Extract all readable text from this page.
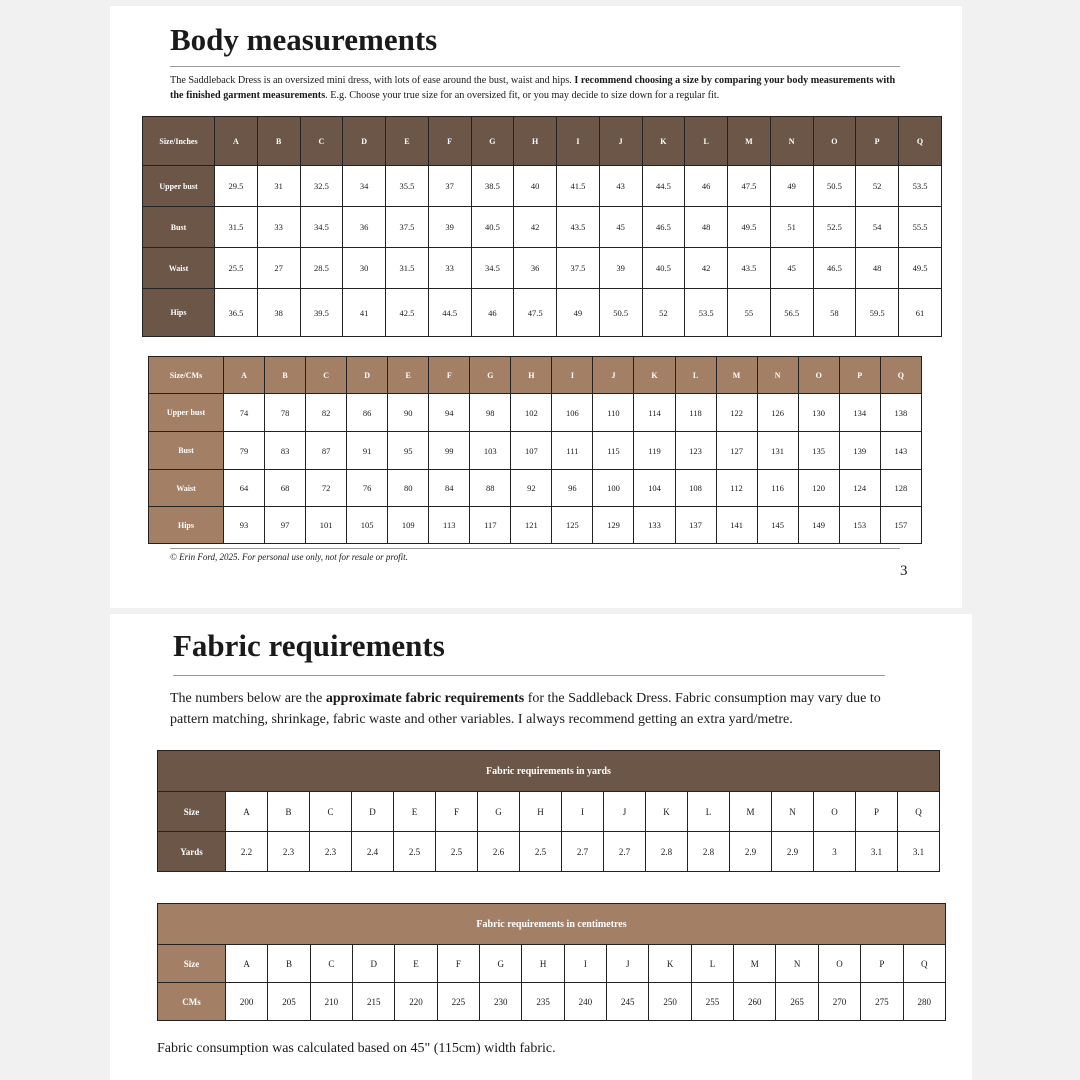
Body measurements

The Saddleback Dress is an oversized mini dress, with lots of ease around the bust, waist and hips. I recommend choosing a size by comparing your body measurements with the finished garment measurements. E.g. Choose your true size for an oversized fit, or you may decide to size down for a regular fit.

Size/Inches	A	B	C	D	E	F	G	H	I	J	K	L	M	N	O	P	Q
Upper bust	29.5	31	32.5	34	35.5	37	38.5	40	41.5	43	44.5	46	47.5	49	50.5	52	53.5
Bust	31.5	33	34.5	36	37.5	39	40.5	42	43.5	45	46.5	48	49.5	51	52.5	54	55.5
Waist	25.5	27	28.5	30	31.5	33	34.5	36	37.5	39	40.5	42	43.5	45	46.5	48	49.5
Hips	36.5	38	39.5	41	42.5	44.5	46	47.5	49	50.5	52	53.5	55	56.5	58	59.5	61
Size/CMs	A	B	C	D	E	F	G	H	I	J	K	L	M	N	O	P	Q
Upper bust	74	78	82	86	90	94	98	102	106	110	114	118	122	126	130	134	138
Bust	79	83	87	91	95	99	103	107	111	115	119	123	127	131	135	139	143
Waist	64	68	72	76	80	84	88	92	96	100	104	108	112	116	120	124	128
Hips	93	97	101	105	109	113	117	121	125	129	133	137	141	145	149	153	157
© Erin Ford, 2025. For personal use only, not for resale or profit.
3
Fabric requirements

The numbers below are the approximate fabric requirements for the Saddleback Dress. Fabric consumption may vary due to pattern matching, shrinkage, fabric waste and other variables. I always recommend getting an extra yard/metre.

Fabric requirements in yards																	
Size	A	B	C	D	E	F	G	H	I	J	K	L	M	N	O	P	Q
Yards	2.2	2.3	2.3	2.4	2.5	2.5	2.6	2.5	2.7	2.7	2.8	2.8	2.9	2.9	3	3.1	3.1
Fabric requirements in centimetres																	
Size	A	B	C	D	E	F	G	H	I	J	K	L	M	N	O	P	Q
CMs	200	205	210	215	220	225	230	235	240	245	250	255	260	265	270	275	280
Fabric consumption was calculated based on 45" (115cm) width fabric.
